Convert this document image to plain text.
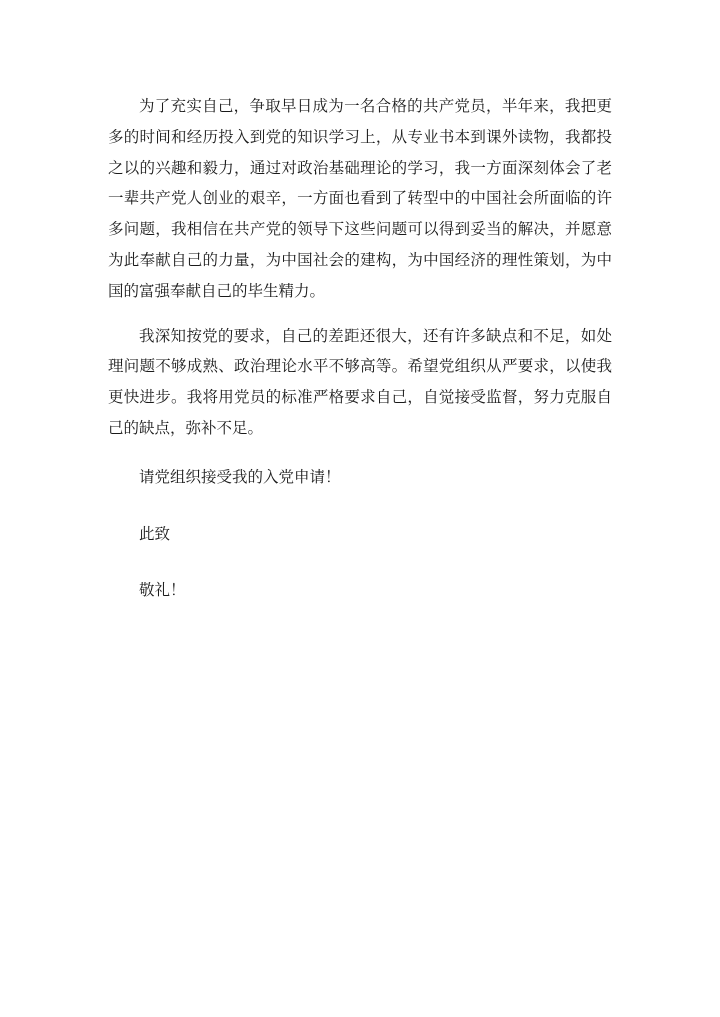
为了充实自己，争取早日成为一名合格的共产党员，半年来，我把更多的时间和经历投入到党的知识学习上，从专业书本到课外读物，我都投之以的兴趣和毅力，通过对政治基础理论的学习，我一方面深刻体会了老一辈共产党人创业的艰辛，一方面也看到了转型中的中国社会所面临的许多问题，我相信在共产党的领导下这些问题可以得到妥当的解决，并愿意为此奉献自己的力量，为中国社会的建构，为中国经济的理性策划，为中国的富强奉献自己的毕生精力。

我深知按党的要求，自己的差距还很大，还有许多缺点和不足，如处理问题不够成熟、政治理论水平不够高等。希望党组织从严要求，以使我更快进步。我将用党员的标准严格要求自己，自觉接受监督，努力克服自己的缺点，弥补不足。

请党组织接受我的入党申请！

此致

敬礼！
